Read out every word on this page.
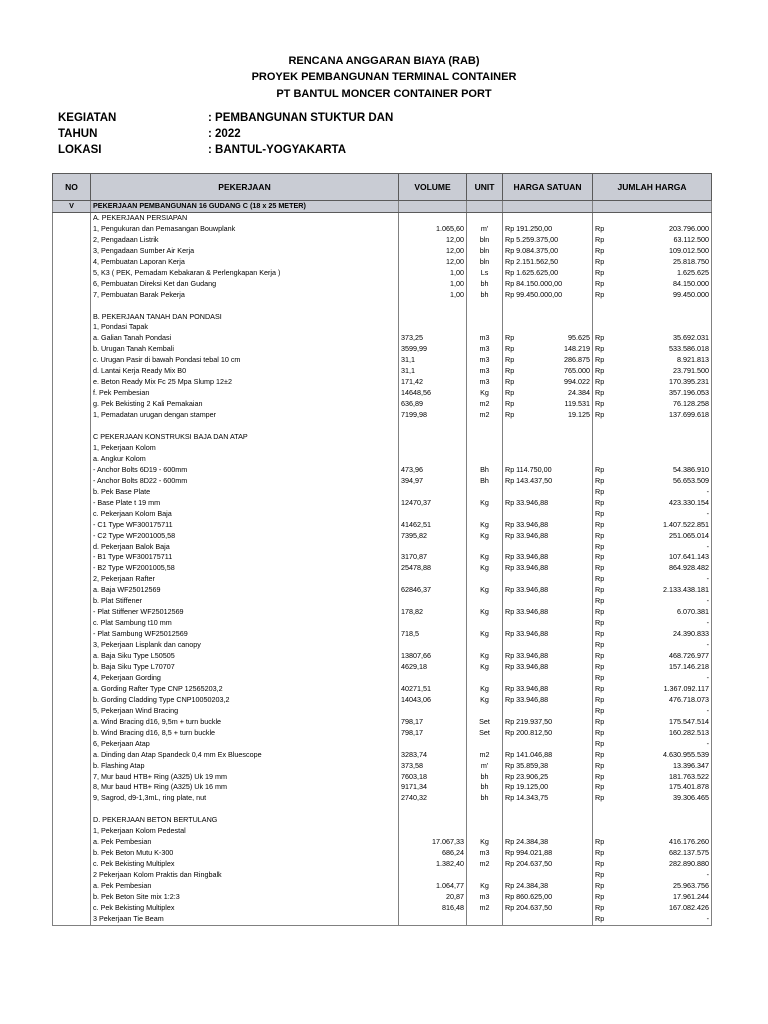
RENCANA ANGGARAN BIAYA (RAB)
PROYEK PEMBANGUNAN TERMINAL CONTAINER
PT BANTUL MONCER CONTAINER PORT
KEGIATAN	: PEMBANGUNAN STUKTUR DAN
TAHUN	: 2022
LOKASI	: BANTUL-YOGYAKARTA
NO	PEKERJAAN	VOLUME	UNIT	HARGA SATUAN	JUMLAH HARGA
V	PEKERJAAN PEMBANGUNAN 16 GUDANG C (18 x 25 METER)				
	A. PEKERJAAN PERSIAPAN				
	1, Pengukuran dan Pemasangan Bouwplank	1.065,60	m'	Rp 191.250,00	Rp 203.796.000

	2, Pengadaan Listrik	12,00	bln	Rp 5.259.375,00	Rp 63.112.500

	3, Pengadaan Sumber Air Kerja	12,00	bln	Rp 9.084.375,00	Rp 109.012.500

	4, Pembuatan Laporan Kerja	12,00	bln	Rp 2.151.562,50	Rp 25.818.750

	5, K3 ( PEK, Pemadam Kebakaran & Perlengkapan Kerja )	1,00	Ls	Rp 1.625.625,00	Rp 1.625.625

	6, Pembuatan Direksi Ket dan Gudang	1,00	bh	Rp 84.150.000,00	Rp 84.150.000

	7, Pembuatan Barak Pekerja	1,00	bh	Rp 99.450.000,00	Rp 99.450.000

	B. PEKERJAAN TANAH DAN PONDASI				
	1, Pondasi Tapak				
	a. Galian Tanah Pondasi	373,25	m3	Rp 95.625	Rp 35.692.031

	b. Urugan Tanah Kembali	3599,99	m3	Rp 148.219	Rp 533.586.018

	c. Urugan Pasir di bawah Pondasi tebal 10 cm	31,1	m3	Rp 286.875	Rp 8.921.813

	d. Lantai Kerja Ready Mix B0	31,1	m3	Rp 765.000	Rp 23.791.500

	e. Beton Ready Mix Fc 25 Mpa Slump 12±2	171,42	m3	Rp 994.022	Rp 170.395.231

	f. Pek Pembesian	14648,56	Kg	Rp 24.384	Rp 357.196.053

	g. Pek Bekisting 2 Kali Pemakaian	636,89	m2	Rp 119.531	Rp 76.128.258

	1, Pemadatan urugan dengan stamper	7199,98	m2	Rp 19.125	Rp 137.699.618

	C PEKERJAAN KONSTRUKSI BAJA DAN ATAP				
	1, Pekerjaan Kolom				
	a. Angkur Kolom				
	- Anchor Bolts 6D19 - 600mm	473,96	Bh	Rp 114.750,00	Rp 54.386.910

	- Anchor Bolts 8D22 - 600mm	394,97	Bh	Rp 143.437,50	Rp 56.653.509

	b. Pek Base Plate				Rp -

	- Base Plate t 19 mm	12470,37	Kg	Rp 33.946,88	Rp 423.330.154

	c. Pekerjaan Kolom Baja				Rp -

	- C1 Type WF300175711	41462,51	Kg	Rp 33.946,88	Rp 1.407.522.851

	- C2 Type WF2001005,58	7395,82	Kg	Rp 33.946,88	Rp 251.065.014

	d. Pekerjaan Balok Baja				Rp -

	- B1 Type WF300175711	3170,87	Kg	Rp 33.946,88	Rp 107.641.143

	- B2 Type WF2001005,58	25478,88	Kg	Rp 33.946,88	Rp 864.928.482

	2, Pekerjaan Rafter				Rp -

	a. Baja WF25012569	62846,37	Kg	Rp 33.946,88	Rp 2.133.438.181

	b. Plat Stiffener				Rp -

	- Plat Stiffener WF25012569	178,82	Kg	Rp 33.946,88	Rp 6.070.381

	c. Plat Sambung t10 mm				Rp -

	- Plat Sambung WF25012569	718,5	Kg	Rp 33.946,88	Rp 24.390.833

	3, Pekerjaan Lisplank dan canopy				Rp -

	a. Baja Siku Type L50505	13807,66	Kg	Rp 33.946,88	Rp 468.726.977

	b. Baja Siku Type L70707	4629,18	Kg	Rp 33.946,88	Rp 157.146.218

	4, Pekerjaan Gording				Rp -

	a. Gording Rafter Type CNP 12565203,2	40271,51	Kg	Rp 33.946,88	Rp 1.367.092.117

	b. Gording Cladding Type CNP10050203,2	14043,06	Kg	Rp 33.946,88	Rp 476.718.073

	5, Pekerjaan Wind Bracing				Rp -

	a. Wind Bracing d16, 9,5m + turn buckle	798,17	Set	Rp 219.937,50	Rp 175.547.514

	b. Wind Bracing d16, 8,5 + turn buckle	798,17	Set	Rp 200.812,50	Rp 160.282.513

	6, Pekerjaan Atap				Rp -

	a. Dinding dan Atap Spandeck 0,4 mm Ex Bluescope	3283,74	m2	Rp 141.046,88	Rp 4.630.955.539

	b. Flashing Atap	373,58	m'	Rp 35.859,38	Rp 13.396.347

	7, Mur baud HTB+ Ring (A325) Uk 19 mm	7603,18	bh	Rp 23.906,25	Rp 181.763.522

	8, Mur baud HTB+ Ring (A325) Uk 16 mm	9171,34	bh	Rp 19.125,00	Rp 175.401.878

	9, Sagrod, d9-1,3mL, ring plate, nut	2740,32	bh	Rp 14.343,75	Rp 39.306.465

	D. PEKERJAAN BETON BERTULANG				
	1, Pekerjaan Kolom Pedestal				
	a. Pek Pembesian	17.067,33	Kg	Rp 24.384,38	Rp 416.176.260

	b. Pek Beton Mutu K-300	686,24	m3	Rp 994.021,88	Rp 682.137.575

	c. Pek Bekisting Multiplex	1.382,40	m2	Rp 204.637,50	Rp 282.890.880

	2 Pekerjaan Kolom Praktis dan Ringbalk				Rp -

	a. Pek Pembesian	1.064,77	Kg	Rp 24.384,38	Rp 25.963.756

	b. Pek Beton Site mix 1:2:3	20,87	m3	Rp 860.625,00	Rp 17.961.244

	c. Pek Bekisting Multiplex	816,48	m2	Rp 204.637,50	Rp 167.082.426

	3 Pekerjaan Tie Beam				Rp -
